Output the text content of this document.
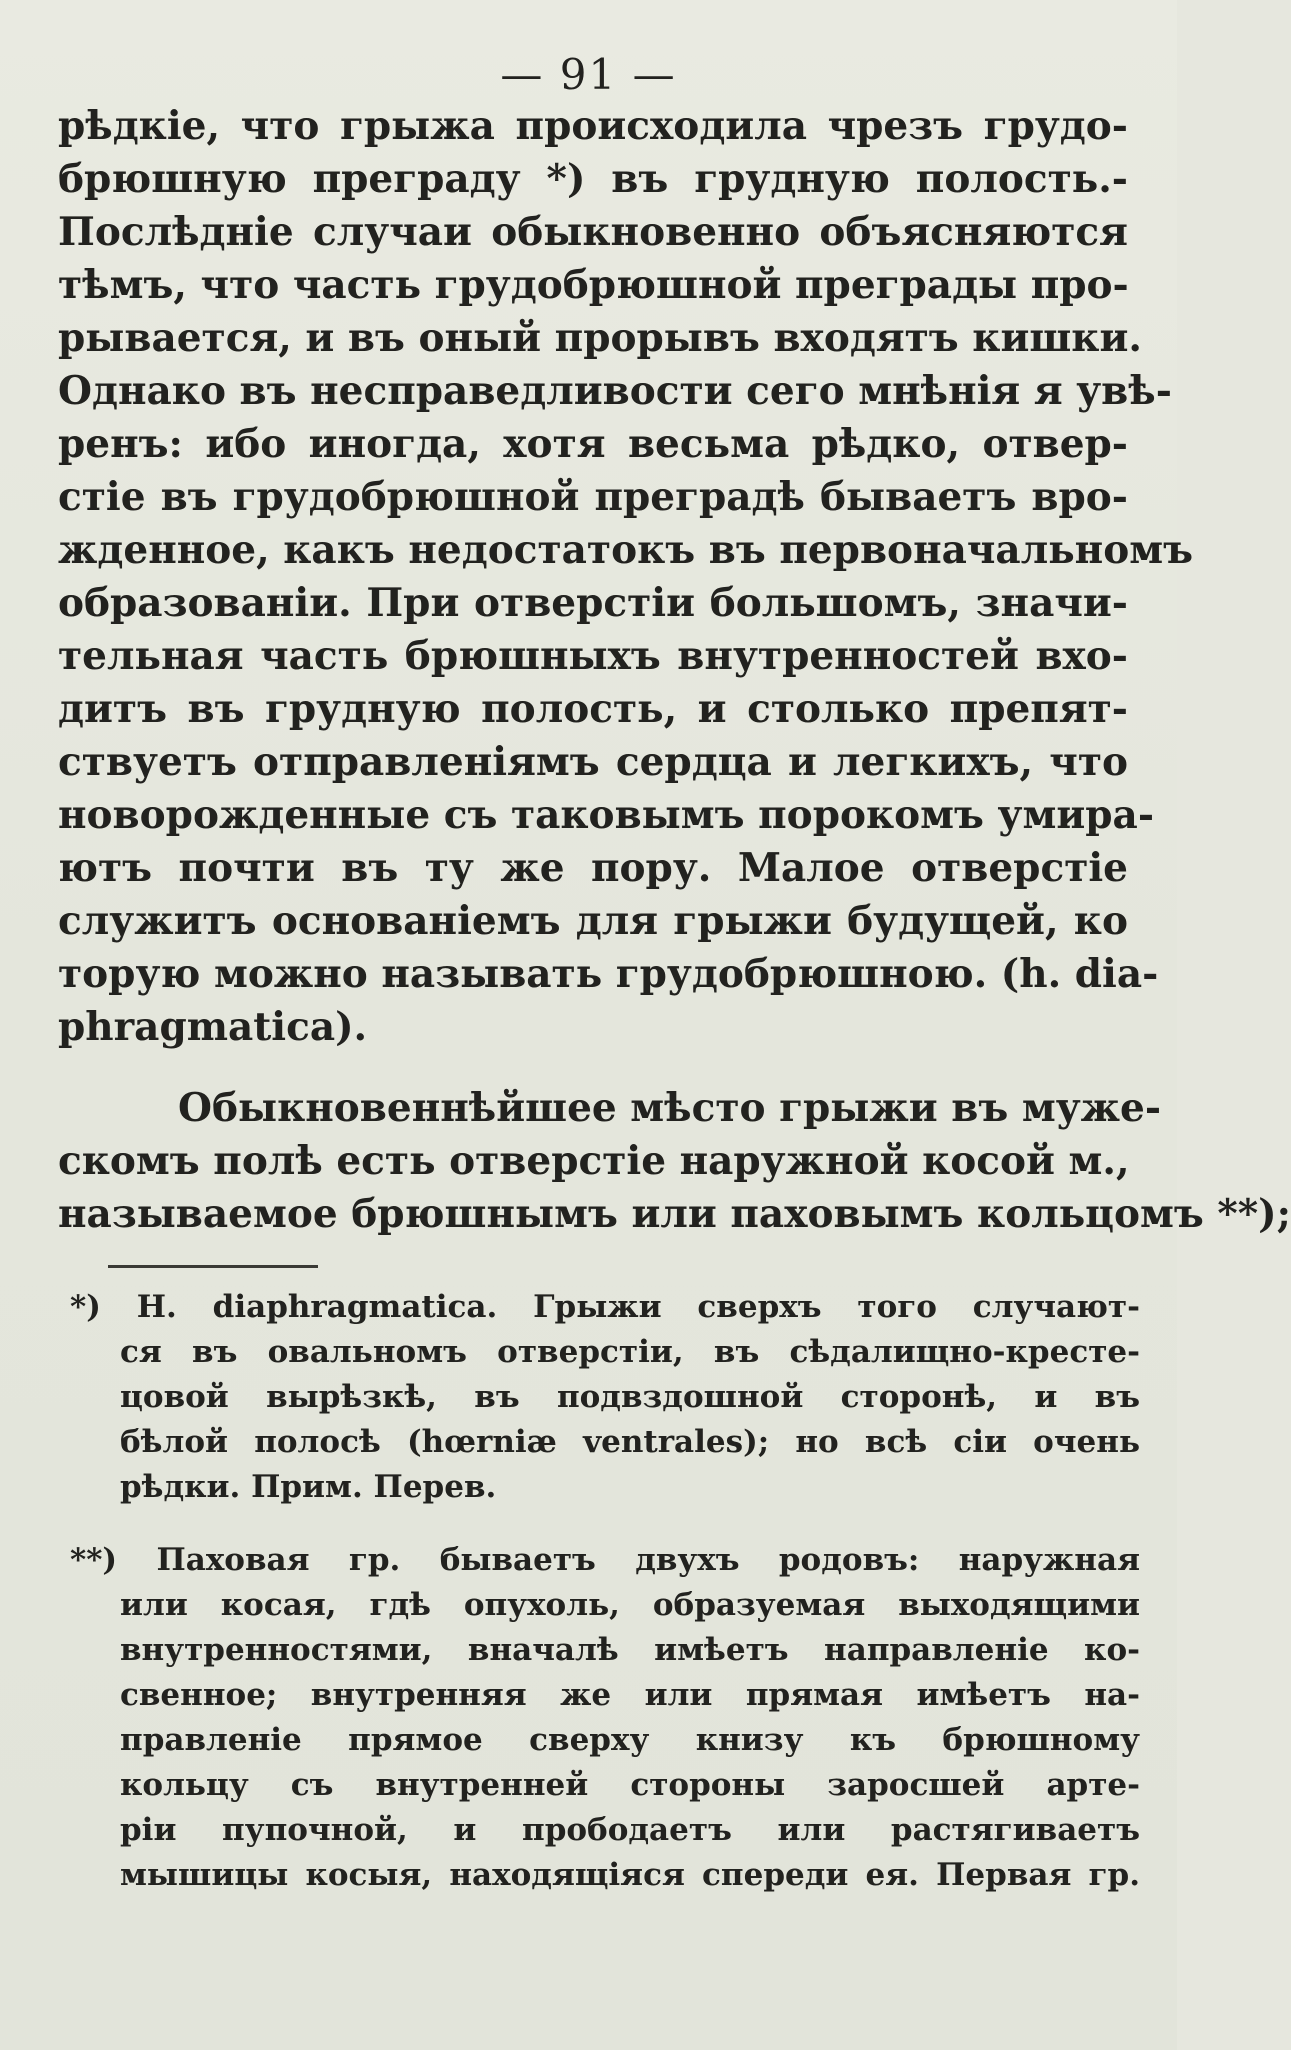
— 91 —
рѣдкіе, что грыжа происходила чрезъ грудо-
брюшную преграду *) въ грудную полость.-
Послѣдніе случаи обыкновенно объясняются
тѣмъ, что часть грудобрюшной преграды про-
рывается, и въ оный прорывъ входятъ кишки.
Однако въ несправедливости сего мнѣнія я увѣ-
ренъ: ибо иногда, хотя весьма рѣдко, отвер-
стіе въ грудобрюшной преградѣ бываетъ вро-
жденное, какъ недостатокъ въ первоначальномъ
образованіи. При отверстіи большомъ, значи-
тельная часть брюшныхъ внутренностей вхо-
дитъ въ грудную полость, и столько препят-
ствуетъ отправленіямъ сердца и легкихъ, что
новорожденные съ таковымъ порокомъ умира-
ютъ почти въ ту же пору. Малое отверстіе
служитъ основаніемъ для грыжи будущей, ко
торую можно называть грудобрюшною. (h. dia-
phragmatica).
Обыкновеннѣйшее мѣсто грыжи въ муже-
скомъ полѣ есть отверстіе наружной косой м.,
называемое брюшнымъ или паховымъ кольцомъ **);
*) H. diaphragmatica. Грыжи сверхъ того случают-
ся въ овальномъ отверстіи, въ сѣдалищно-кресте-
цовой вырѣзкѣ, въ подвздошной сторонѣ, и въ
бѣлой полосѣ (hœrniæ ventrales); но всѣ сіи очень
рѣдки. Прим. Перев.
**) Паховая гр. бываетъ двухъ родовъ: наружная
или косая, гдѣ опухоль, образуемая выходящими
внутренностями, вначалѣ имѣетъ направленіе ко-
свенное; внутренняя же или прямая имѣетъ на-
правленіе прямое сверху книзу къ брюшному
кольцу съ внутренней стороны заросшей арте-
ріи пупочной, и прободаетъ или растягиваетъ
мышицы косыя, находящіяся спереди ея. Первая гр.
